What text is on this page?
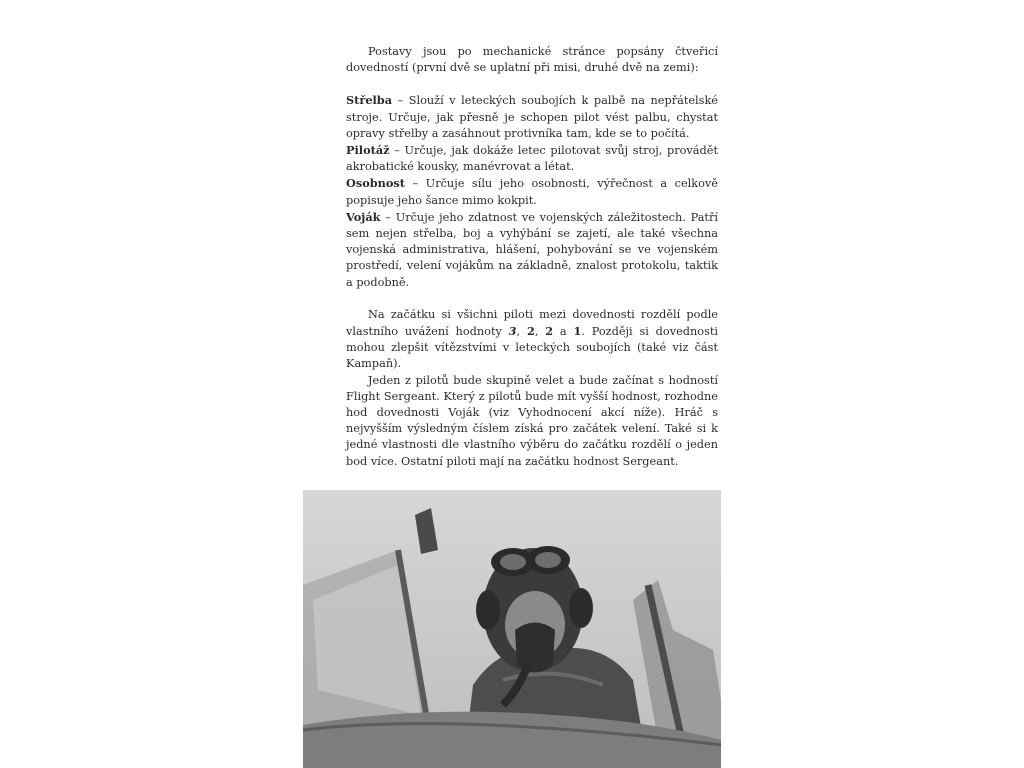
Postavy jsou po mechanické stránce popsány čtveřicí dovedností (první dvě se uplatní při misi, druhé dvě na zemi):

Střelba – Slouží v leteckých soubojích k palbě na nepřátelské stroje. Určuje, jak přesně je schopen pilot vést palbu, chystat opravy střelby a zasáhnout protivníka tam, kde se to počítá.

Pilotáž – Určuje, jak dokáže letec pilotovat svůj stroj, provádět akrobatické kousky, manévrovat a létat.

Osobnost – Určuje sílu jeho osobnosti, výřečnost a celkově popisuje jeho šance mimo kokpit.

Voják – Určuje jeho zdatnost ve vojenských záležitostech. Patří sem nejen střelba, boj a vyhýbání se zajetí, ale také všechna vojenská administrativa, hlášení, pohybování se ve vojenském prostředí, velení vojákům na základně, znalost protokolu, taktik a podobně.

Na začátku si všichni piloti mezi dovednosti rozdělí podle vlastního uvážení hodnoty 3, 2, 2 a 1. Později si dovednosti mohou zlepšit vítězstvími v leteckých soubojích (také viz část Kampaň).

Jeden z pilotů bude skupině velet a bude začínat s hodností Flight Sergeant. Který z pilotů bude mít vyšší hodnost, rozhodne hod dovednosti Voják (viz Vyhodnocení akcí níže). Hráč s nejvyšším výsledným číslem získá pro začátek velení. Také si k jedné vlastnosti dle vlastního výběru do začátku rozdělí o jeden bod více. Ostatní piloti mají na začátku hodnost Sergeant.
